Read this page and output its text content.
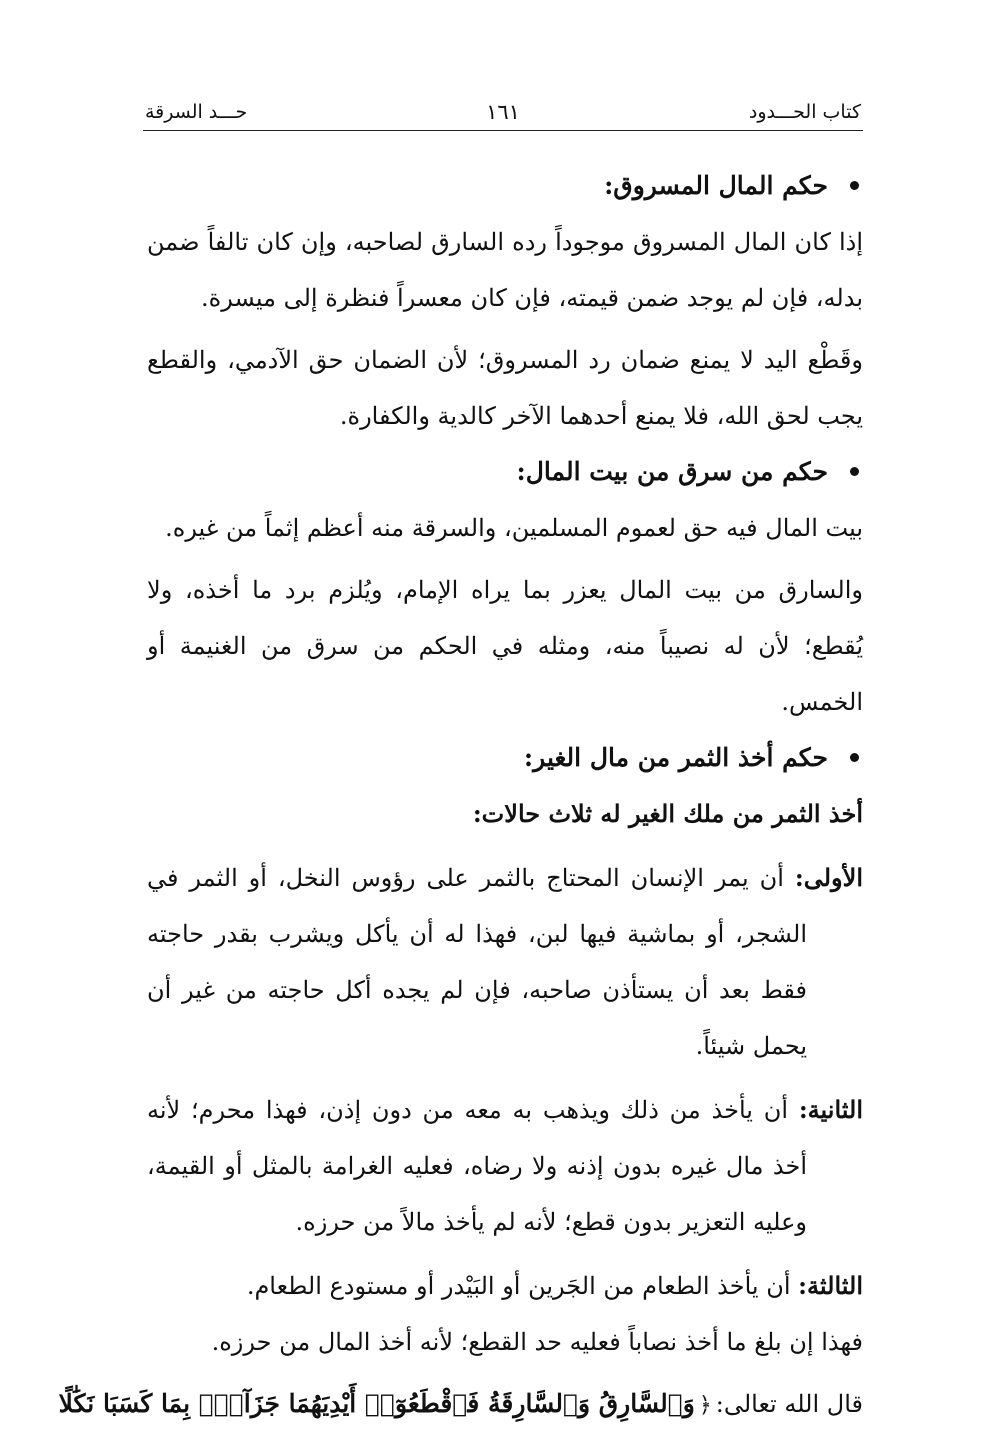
كتاب الحـــدود
١٦١
حـــد السرقة
حكم المال المسروق:

إذا كان المال المسروق موجوداً رده السارق لصاحبه، وإن كان تالفاً ضمن بدله، فإن لم يوجد ضمن قيمته، فإن كان معسراً فنظرة إلى ميسرة.

وقَطْع اليد لا يمنع ضمان رد المسروق؛ لأن الضمان حق الآدمي، والقطع يجب لحق الله، فلا يمنع أحدهما الآخر كالدية والكفارة.

حكم من سرق من بيت المال:

بيت المال فيه حق لعموم المسلمين، والسرقة منه أعظم إثماً من غيره.

والسارق من بيت المال يعزر بما يراه الإمام، ويُلزم برد ما أخذه، ولا يُقطع؛ لأن له نصيباً منه، ومثله في الحكم من سرق من الغنيمة أو الخمس.

حكم أخذ الثمر من مال الغير:

أخذ الثمر من ملك الغير له ثلاث حالات:

الأولى: أن يمر الإنسان المحتاج بالثمر على رؤوس النخل، أو الثمر في الشجر، أو بماشية فيها لبن، فهذا له أن يأكل ويشرب بقدر حاجته فقط بعد أن يستأذن صاحبه، فإن لم يجده أكل حاجته من غير أن يحمل شيئاً.

الثانية: أن يأخذ من ذلك ويذهب به معه من دون إذن، فهذا محرم؛ لأنه أخذ مال غيره بدون إذنه ولا رضاه، فعليه الغرامة بالمثل أو القيمة، وعليه التعزير بدون قطع؛ لأنه لم يأخذ مالاً من حرزه.

الثالثة: أن يأخذ الطعام من الجَرين أو البَيْدر أو مستودع الطعام.

فهذا إن بلغ ما أخذ نصاباً فعليه حد القطع؛ لأنه أخذ المال من حرزه.

قال الله تعالى:﴿وَٱلسَّارِقُ وَٱلسَّارِقَةُ فَٱقْطَعُوٓا۟ أَيْدِيَهُمَا جَزَآءًۢ بِمَا كَسَبَا نَكَٰلًا
